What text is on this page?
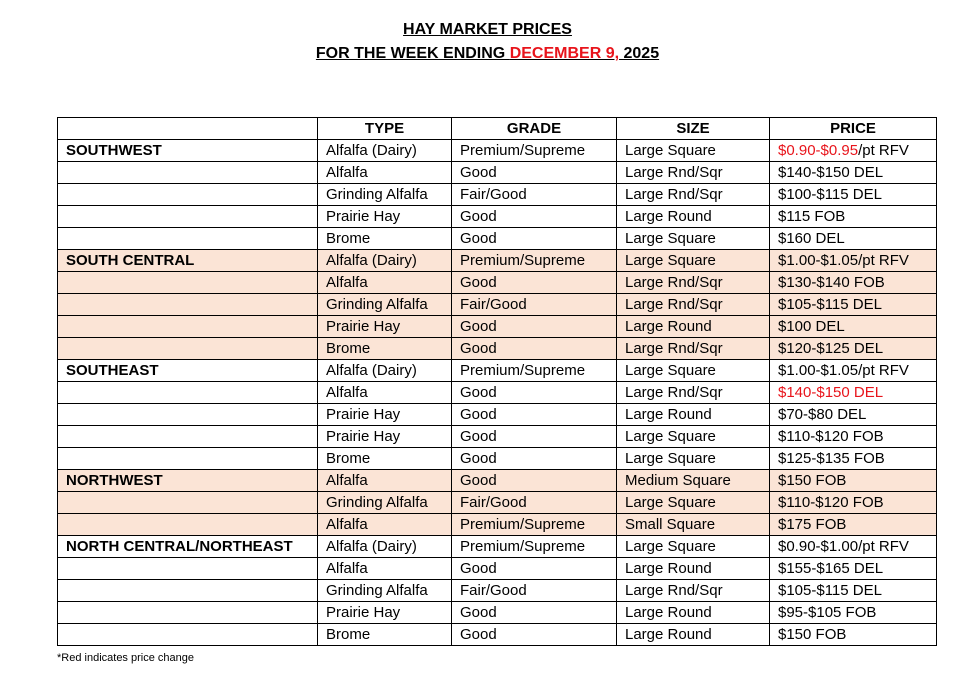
HAY MARKET PRICES
FOR THE WEEK ENDING DECEMBER 9, 2025
	TYPE	GRADE	SIZE	PRICE
SOUTHWEST	Alfalfa (Dairy)	Premium/Supreme	Large Square	$0.90-$0.95/pt RFV
	Alfalfa	Good	Large Rnd/Sqr	$140-$150 DEL
	Grinding Alfalfa	Fair/Good	Large Rnd/Sqr	$100-$115 DEL
	Prairie Hay	Good	Large Round	$115 FOB
	Brome	Good	Large Square	$160 DEL
SOUTH CENTRAL	Alfalfa (Dairy)	Premium/Supreme	Large Square	$1.00-$1.05/pt RFV
	Alfalfa	Good	Large Rnd/Sqr	$130-$140 FOB
	Grinding Alfalfa	Fair/Good	Large Rnd/Sqr	$105-$115 DEL
	Prairie Hay	Good	Large Round	$100 DEL
	Brome	Good	Large Rnd/Sqr	$120-$125 DEL
SOUTHEAST	Alfalfa (Dairy)	Premium/Supreme	Large Square	$1.00-$1.05/pt RFV
	Alfalfa	Good	Large Rnd/Sqr	$140-$150 DEL
	Prairie Hay	Good	Large Round	$70-$80 DEL
	Prairie Hay	Good	Large Square	$110-$120 FOB
	Brome	Good	Large Square	$125-$135 FOB
NORTHWEST	Alfalfa	Good	Medium Square	$150 FOB
	Grinding Alfalfa	Fair/Good	Large Square	$110-$120 FOB
	Alfalfa	Premium/Supreme	Small Square	$175 FOB
NORTH CENTRAL/NORTHEAST	Alfalfa (Dairy)	Premium/Supreme	Large Square	$0.90-$1.00/pt RFV
	Alfalfa	Good	Large Round	$155-$165 DEL
	Grinding Alfalfa	Fair/Good	Large Rnd/Sqr	$105-$115 DEL
	Prairie Hay	Good	Large Round	$95-$105 FOB
	Brome	Good	Large Round	$150 FOB
*Red indicates price change
